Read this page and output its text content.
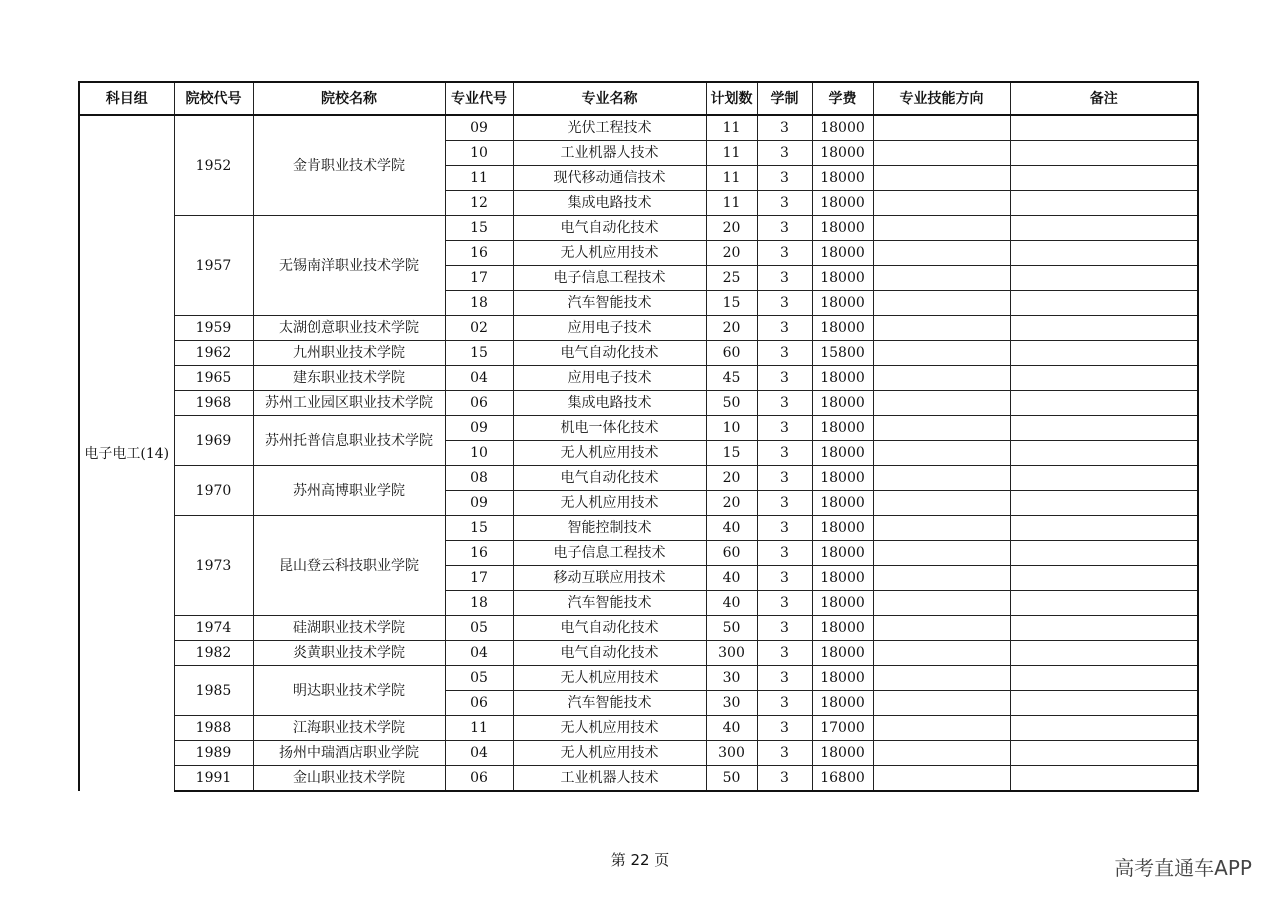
科目组	院校代号	院校名称	专业代号	专业名称	计划数	学制	学费	专业技能方向	备注
电子电工(14)	1952	金肯职业技术学院	09	光伏工程技术	11	3	18000		
			10	工业机器人技术	11	3	18000		
			11	现代移动通信技术	11	3	18000		
			12	集成电路技术	11	3	18000		
	1957	无锡南洋职业技术学院	15	电气自动化技术	20	3	18000		
			16	无人机应用技术	20	3	18000		
			17	电子信息工程技术	25	3	18000		
			18	汽车智能技术	15	3	18000		
	1959	太湖创意职业技术学院	02	应用电子技术	20	3	18000		
	1962	九州职业技术学院	15	电气自动化技术	60	3	15800		
	1965	建东职业技术学院	04	应用电子技术	45	3	18000		
	1968	苏州工业园区职业技术学院	06	集成电路技术	50	3	18000		
	1969	苏州托普信息职业技术学院	09	机电一体化技术	10	3	18000		
			10	无人机应用技术	15	3	18000		
	1970	苏州高博职业学院	08	电气自动化技术	20	3	18000		
			09	无人机应用技术	20	3	18000		
	1973	昆山登云科技职业学院	15	智能控制技术	40	3	18000		
			16	电子信息工程技术	60	3	18000		
			17	移动互联应用技术	40	3	18000		
			18	汽车智能技术	40	3	18000		
	1974	硅湖职业技术学院	05	电气自动化技术	50	3	18000		
	1982	炎黄职业技术学院	04	电气自动化技术	300	3	18000		
	1985	明达职业技术学院	05	无人机应用技术	30	3	18000		
			06	汽车智能技术	30	3	18000		
	1988	江海职业技术学院	11	无人机应用技术	40	3	17000		
	1989	扬州中瑞酒店职业学院	04	无人机应用技术	300	3	18000		
	1991	金山职业技术学院	06	工业机器人技术	50	3	16800		
第 22 页	高考直通车APP
